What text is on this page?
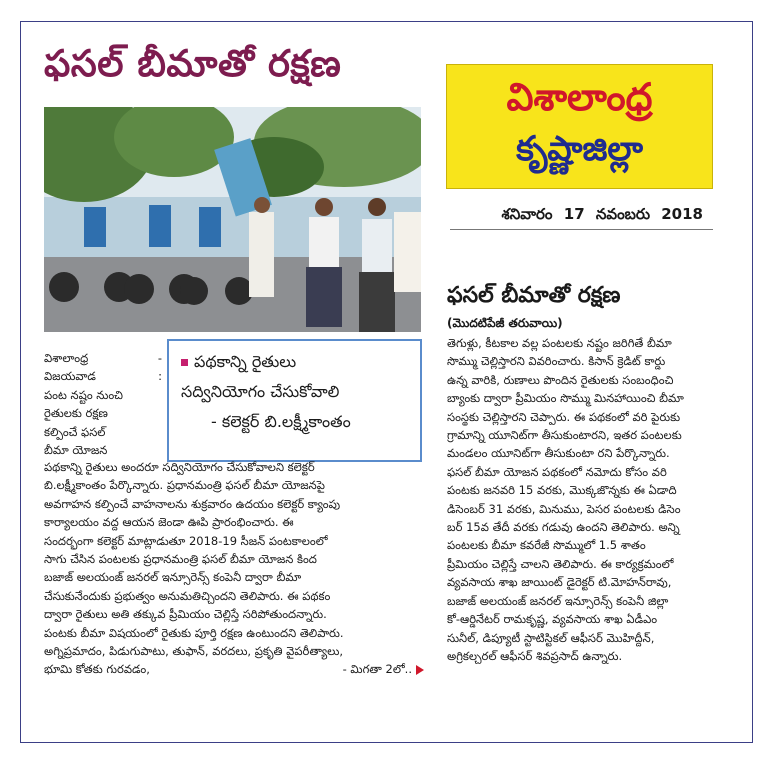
ఫసల్ బీమాతో రక్షణ
విశాలాంధ్ర
కృష్ణాజిల్లా
శనివారం 17 నవంబరు 2018
విశాలాంధ్ర	-
విజయవాడ	:
పంట నష్టం నుంచి
రైతులకు రక్షణ
కల్పించే ఫసల్
బీమా యోజన
పథకాన్ని రైతులు
సద్వినియోగం చేసుకోవాలి
- కలెక్టర్ బి.లక్ష్మీకాంతం
పథకాన్ని రైతులు అందరూ సద్వినియోగం చేసుకోవాలని కలెక్టర్
బి.లక్ష్మీకాంతం పేర్కొన్నారు. ప్రధానమంత్రి ఫసల్ బీమా యోజనపై
అవగాహన కల్పించే వాహనాలను శుక్రవారం ఉదయం కలెక్టర్ క్యాంపు
కార్యాలయం వద్ద ఆయన జెండా ఊపి ప్రారంభించారు. ఈ
సందర్భంగా కలెక్టర్ మాట్లాడుతూ 2018-19 సీజన్ పంటకాలంలో
సాగు చేసిన పంటలకు ప్రధానమంత్రి ఫసల్ బీమా యోజన కింద
బజాజ్ అలయంజ్ జనరల్ ఇన్సూరెన్స్ కంపెనీ ద్వారా బీమా
చేసుకునేందుకు ప్రభుత్వం అనుమతిచ్చిందని తెలిపారు. ఈ పథకం
ద్వారా రైతులు అతి తక్కువ ప్రీమియం చెల్లిస్తే సరిపోతుందన్నారు.
పంటకు బీమా విషయంలో రైతుకు పూర్తి రక్షణ ఉంటుందని తెలిపారు.
అగ్నిప్రమాదం, పిడుగుపాటు, తుఫాన్, వరదలు, ప్రకృతి వైపరీత్యాలు,
భూమి కోతకు గురవడం,	- మిగతా 2లో..
ఫసల్ బీమాతో రక్షణ
(మొదటిపేజీ తరువాయి)
తెగుళ్లు, కీటకాల వల్ల పంటలకు నష్టం జరిగితే బీమా
సొమ్ము చెల్లిస్తారని వివరించారు. కిసాన్ క్రెడిట్ కార్డు
ఉన్న వారికి, రుణాలు పొందిన రైతులకు సంబంధించి
బ్యాంకు ద్వారా ప్రీమియం సొమ్ము మినహాయించి బీమా
సంస్థకు చెల్లిస్తారని చెప్పారు. ఈ పథకంలో వరి పైరుకు
గ్రామాన్ని యూనిట్‌గా తీసుకుంటారని, ఇతర పంటలకు
మండలం యూనిట్‌గా తీసుకుంటా రని పేర్కొన్నారు.
ఫసల్ బీమా యోజన పథకంలో నమోదు కోసం వరి
పంటకు జనవరి 15 వరకు, మొక్కజొన్నకు ఈ ఏడాది
డిసెంబర్ 31 వరకు, మినుము, పెసర పంటలకు డిసెం
బర్ 15వ తేదీ వరకు గడువు ఉందని తెలిపారు. అన్ని
పంటలకు బీమా కవరేజీ సొమ్ములో 1.5 శాతం
ప్రీమియం చెల్లిస్తే చాలని తెలిపారు. ఈ కార్యక్రమంలో
వ్యవసాయ శాఖ జాయింట్ డైరెక్టర్ టి.మోహన్‌రావు,
బజాజ్ అలయంజ్ జనరల్ ఇన్సూరెన్స్ కంపెనీ జిల్లా
కో-ఆర్డినేటర్ రామకృష్ణ, వ్యవసాయ శాఖ ఏడీఎం
సునీల్, డిప్యూటీ స్టాటిస్టికల్ ఆఫీసర్ మొహిద్దీన్,
అగ్రికల్చరల్ ఆఫీసర్ శివప్రసాద్ ఉన్నారు.
